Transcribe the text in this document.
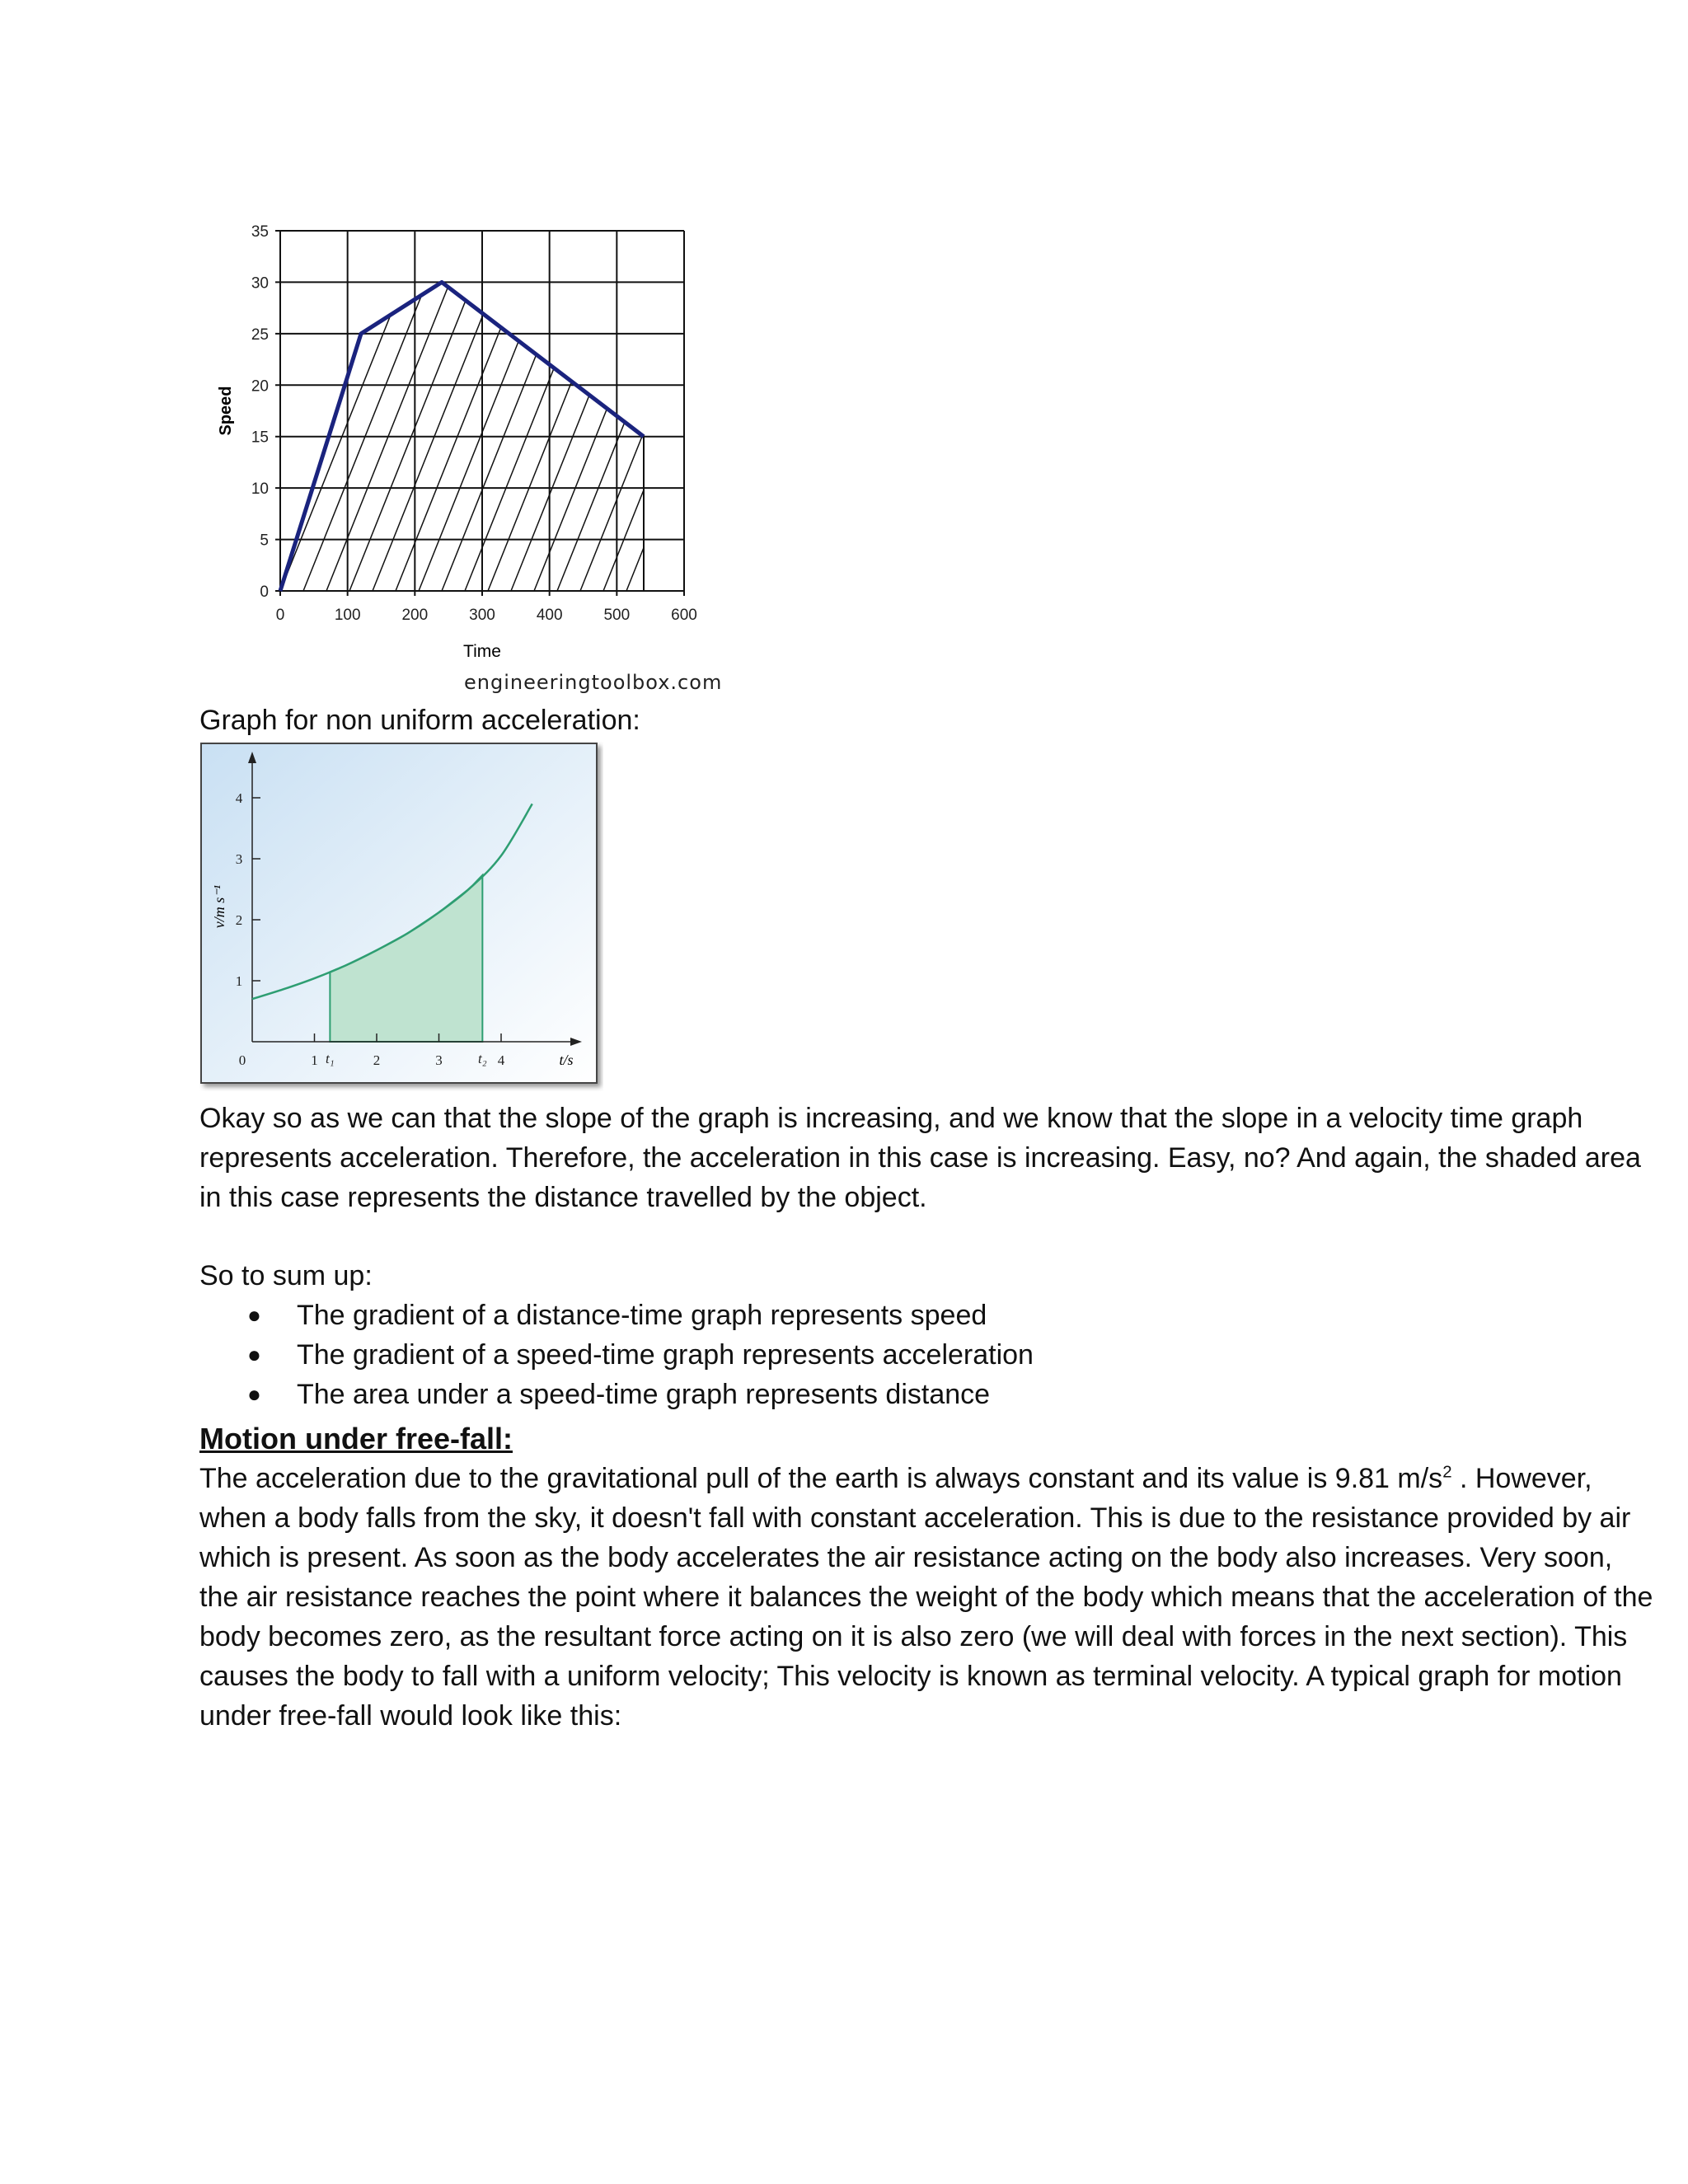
0
5
10
15
20
25
30
35
0	100	200	300	400	500	600
Speed
Time
engineeringtoolbox.com
Graph for non uniform acceleration:
1
2
3
4
0	1	2	3	4
t₁	t₂
v/m s⁻¹
t/s
Okay so as we can that the slope of the graph is increasing, and we know that the slope in a velocity time graph
represents acceleration. Therefore, the acceleration in this case is increasing. Easy, no? And again, the shaded area
in this case represents the distance travelled by the object.
So to sum up:
● The gradient of a distance-time graph represents speed
● The gradient of a speed-time graph represents acceleration
● The area under a speed-time graph represents distance
Motion under free-fall:
The acceleration due to the gravitational pull of the earth is always constant and its value is 9.81 $m/s^2$ . However,
when a body falls from the sky, it doesn't fall with constant acceleration. This is due to the resistance provided by air
which is present. As soon as the body accelerates the air resistance acting on the body also increases. Very soon,
the air resistance reaches the point where it balances the weight of the body which means that the acceleration of the
body becomes zero, as the resultant force acting on it is also zero (we will deal with forces in the next section). This
causes the body to fall with a uniform velocity; This velocity is known as terminal velocity. A typical graph for motion
under free-fall would look like this:
